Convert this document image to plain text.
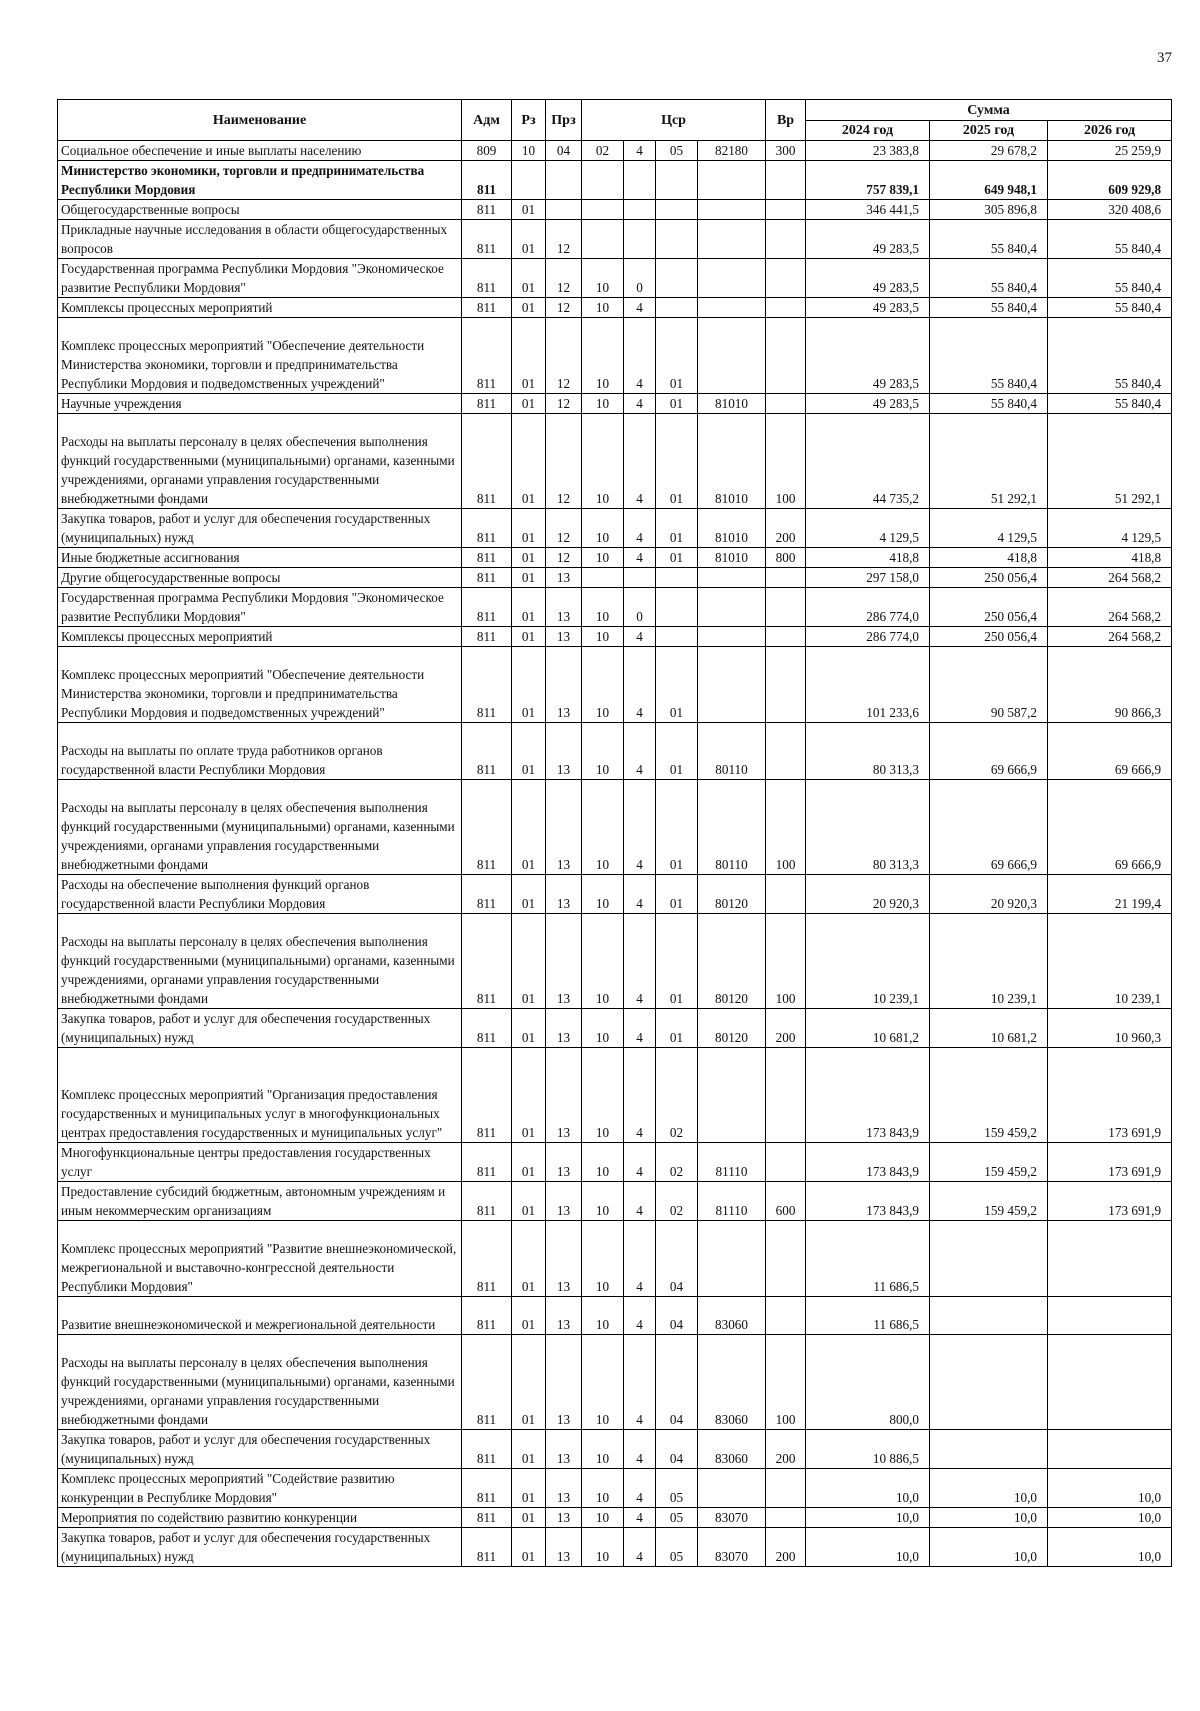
37
Наименование	Адм	Рз	Прз	Цср				Вр	Сумма		
									2024 год	2025 год	2026 год
Социальное обеспечение и иные выплаты населению	809	10	04	02	4	05	82180	300	23 383,8	29 678,2	25 259,9
Министерство экономики, торговли и предпринимательства Республики Мордовия	811								757 839,1	649 948,1	609 929,8
Общегосударственные вопросы	811	01							346 441,5	305 896,8	320 408,6
Прикладные научные исследования в области общегосударственных вопросов	811	01	12						49 283,5	55 840,4	55 840,4
Государственная программа Республики Мордовия "Экономическое развитие Республики Мордовия"	811	01	12	10	0				49 283,5	55 840,4	55 840,4
Комплексы процессных мероприятий	811	01	12	10	4				49 283,5	55 840,4	55 840,4
Комплекс процессных мероприятий "Обеспечение деятельности Министерства экономики, торговли и предпринимательства Республики Мордовия и подведомственных учреждений"	811	01	12	10	4	01			49 283,5	55 840,4	55 840,4
Научные учреждения	811	01	12	10	4	01	81010		49 283,5	55 840,4	55 840,4
Расходы на выплаты персоналу в целях обеспечения выполнения функций государственными (муниципальными) органами, казенными учреждениями, органами управления государственными внебюджетными фондами	811	01	12	10	4	01	81010	100	44 735,2	51 292,1	51 292,1
Закупка товаров, работ и услуг для обеспечения государственных (муниципальных) нужд	811	01	12	10	4	01	81010	200	4 129,5	4 129,5	4 129,5
Иные бюджетные ассигнования	811	01	12	10	4	01	81010	800	418,8	418,8	418,8
Другие общегосударственные вопросы	811	01	13						297 158,0	250 056,4	264 568,2
Государственная программа Республики Мордовия "Экономическое развитие Республики Мордовия"	811	01	13	10	0				286 774,0	250 056,4	264 568,2
Комплексы процессных мероприятий	811	01	13	10	4				286 774,0	250 056,4	264 568,2
Комплекс процессных мероприятий "Обеспечение деятельности Министерства экономики, торговли и предпринимательства Республики Мордовия и подведомственных учреждений"	811	01	13	10	4	01			101 233,6	90 587,2	90 866,3
Расходы на выплаты по оплате труда работников органов государственной власти Республики Мордовия	811	01	13	10	4	01	80110		80 313,3	69 666,9	69 666,9
Расходы на выплаты персоналу в целях обеспечения выполнения функций государственными (муниципальными) органами, казенными учреждениями, органами управления государственными внебюджетными фондами	811	01	13	10	4	01	80110	100	80 313,3	69 666,9	69 666,9
Расходы на обеспечение выполнения функций органов государственной власти Республики Мордовия	811	01	13	10	4	01	80120		20 920,3	20 920,3	21 199,4
Расходы на выплаты персоналу в целях обеспечения выполнения функций государственными (муниципальными) органами, казенными учреждениями, органами управления государственными внебюджетными фондами	811	01	13	10	4	01	80120	100	10 239,1	10 239,1	10 239,1
Закупка товаров, работ и услуг для обеспечения государственных (муниципальных) нужд	811	01	13	10	4	01	80120	200	10 681,2	10 681,2	10 960,3
Комплекс процессных мероприятий "Организация предоставления государственных и муниципальных услуг в многофункциональных центрах предоставления государственных и муниципальных услуг"	811	01	13	10	4	02			173 843,9	159 459,2	173 691,9
Многофункциональные центры предоставления государственных услуг	811	01	13	10	4	02	81110		173 843,9	159 459,2	173 691,9
Предоставление субсидий бюджетным, автономным учреждениям и иным некоммерческим организациям	811	01	13	10	4	02	81110	600	173 843,9	159 459,2	173 691,9
Комплекс процессных мероприятий "Развитие внешнеэкономической, межрегиональной и выставочно-конгрессной деятельности Республики Мордовия"	811	01	13	10	4	04			11 686,5		
Развитие внешнеэкономической и межрегиональной деятельности	811	01	13	10	4	04	83060		11 686,5		
Расходы на выплаты персоналу в целях обеспечения выполнения функций государственными (муниципальными) органами, казенными учреждениями, органами управления государственными внебюджетными фондами	811	01	13	10	4	04	83060	100	800,0		
Закупка товаров, работ и услуг для обеспечения государственных (муниципальных) нужд	811	01	13	10	4	04	83060	200	10 886,5		
Комплекс процессных мероприятий "Содействие развитию конкуренции в Республике Мордовия"	811	01	13	10	4	05			10,0	10,0	10,0
Мероприятия по содействию развитию конкуренции	811	01	13	10	4	05	83070		10,0	10,0	10,0
Закупка товаров, работ и услуг для обеспечения государственных (муниципальных) нужд	811	01	13	10	4	05	83070	200	10,0	10,0	10,0
